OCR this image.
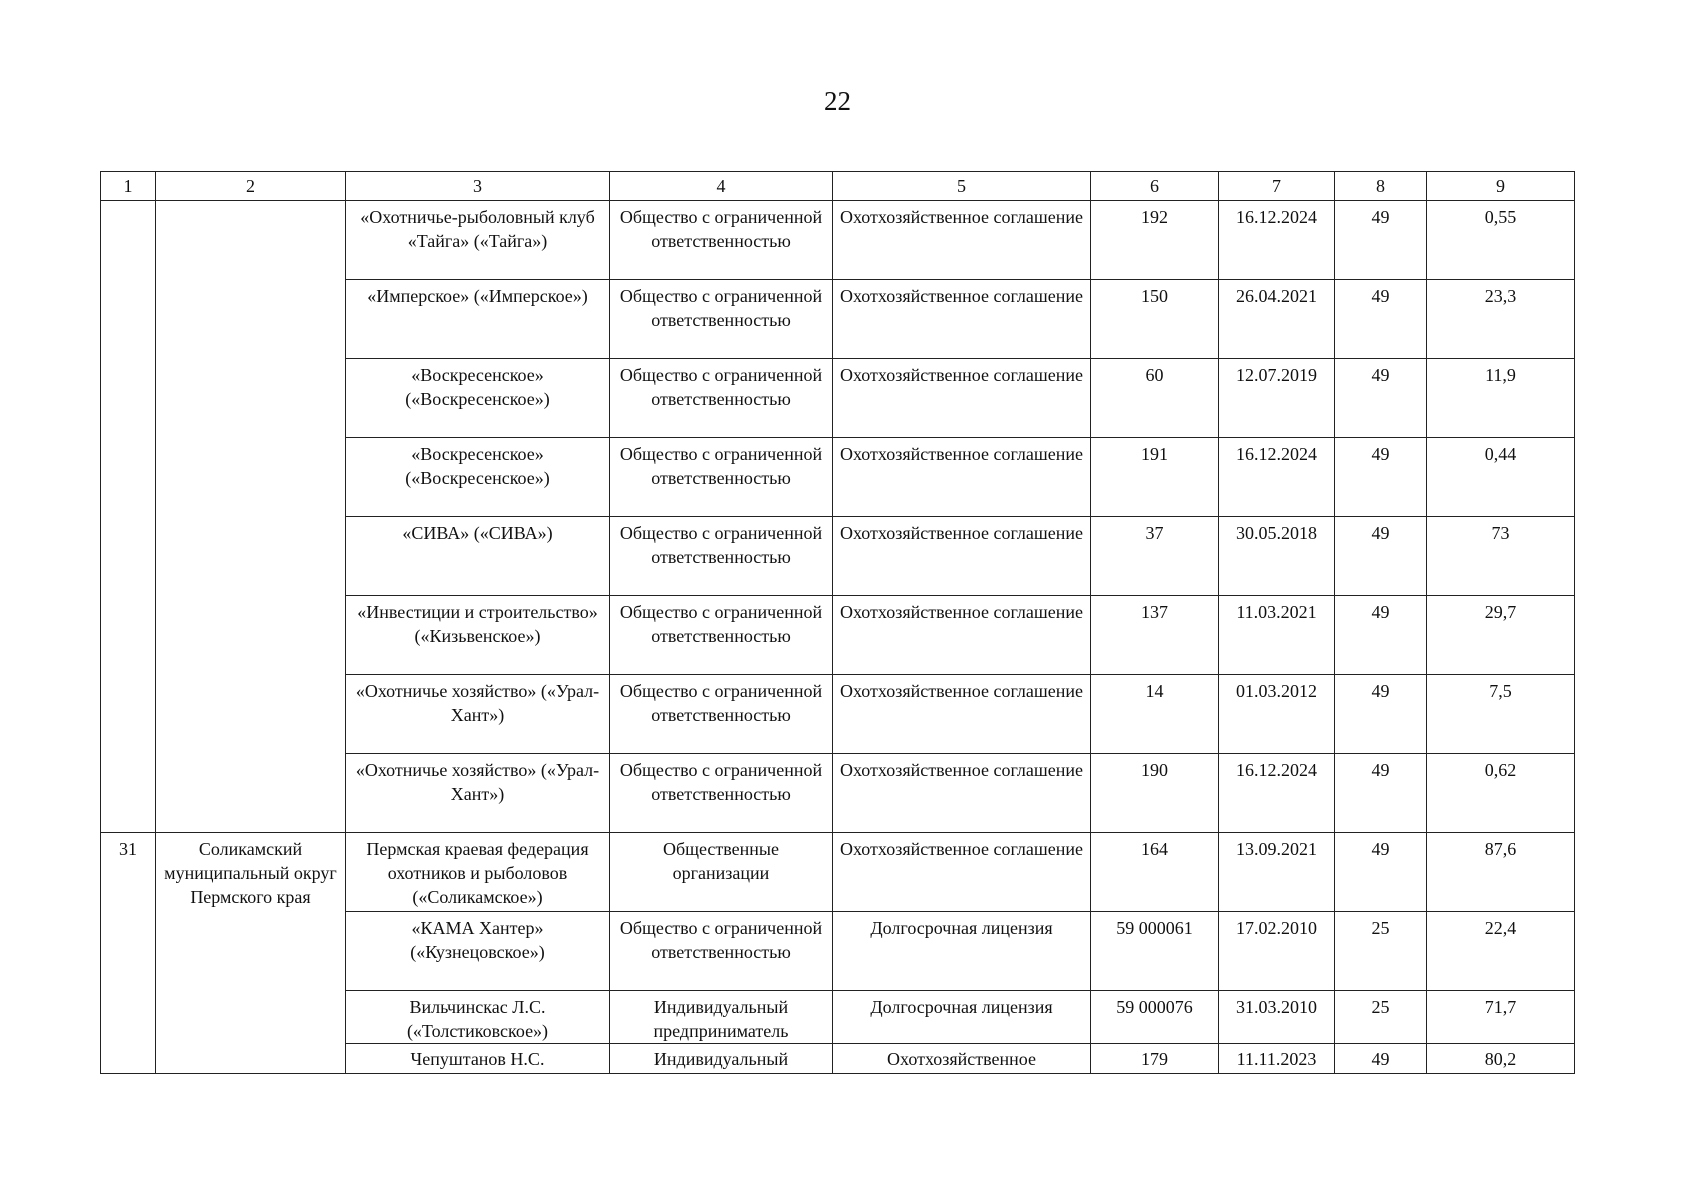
22
1	2	3	4	5	6	7	8	9
		«Охотничье-рыболовный клуб «Тайга» («Тайга»)	Общество с ограниченной ответственностью	Охотхозяйственное соглашение	192	16.12.2024	49	0,55
		«Имперское» («Имперское»)	Общество с ограниченной ответственностью	Охотхозяйственное соглашение	150	26.04.2021	49	23,3
		«Воскресенское» («Воскресенское»)	Общество с ограниченной ответственностью	Охотхозяйственное соглашение	60	12.07.2019	49	11,9
		«Воскресенское» («Воскресенское»)	Общество с ограниченной ответственностью	Охотхозяйственное соглашение	191	16.12.2024	49	0,44
		«СИВА» («СИВА»)	Общество с ограниченной ответственностью	Охотхозяйственное соглашение	37	30.05.2018	49	73
		«Инвестиции и строительство» («Кизьвенское»)	Общество с ограниченной ответственностью	Охотхозяйственное соглашение	137	11.03.2021	49	29,7
		«Охотничье хозяйство» («Урал-Хант»)	Общество с ограниченной ответственностью	Охотхозяйственное соглашение	14	01.03.2012	49	7,5
		«Охотничье хозяйство» («Урал-Хант»)	Общество с ограниченной ответственностью	Охотхозяйственное соглашение	190	16.12.2024	49	0,62
31	Соликамский муниципальный округ Пермского края	Пермская краевая федерация охотников и рыболовов («Соликамское»)	Общественные организации	Охотхозяйственное соглашение	164	13.09.2021	49	87,6
		«КАМА Хантер» («Кузнецовское»)	Общество с ограниченной ответственностью	Долгосрочная лицензия	59 000061	17.02.2010	25	22,4
		Вильчинскас Л.С. («Толстиковское»)	Индивидуальный предприниматель	Долгосрочная лицензия	59 000076	31.03.2010	25	71,7
		Чепуштанов Н.С.	Индивидуальный	Охотхозяйственное	179	11.11.2023	49	80,2
